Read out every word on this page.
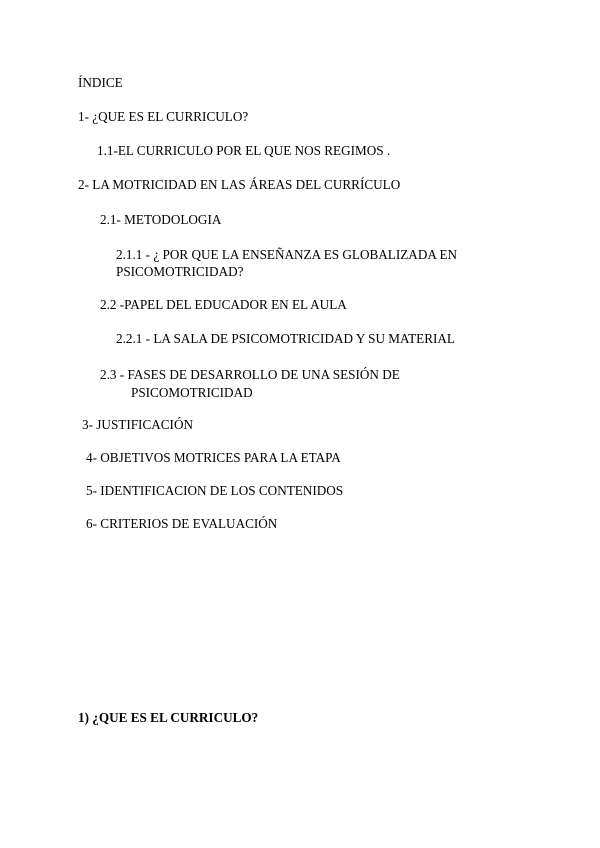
ÍNDICE
1- ¿QUE ES EL CURRICULO?
1.1-EL CURRICULO POR EL QUE NOS REGIMOS .
2- LA MOTRICIDAD EN LAS ÁREAS DEL CURRÍCULO
2.1- METODOLOGIA
2.1.1 - ¿ POR QUE LA ENSEÑANZA ES GLOBALIZADA EN
PSICOMOTRICIDAD?
2.2 -PAPEL DEL EDUCADOR EN EL AULA
2.2.1 - LA SALA DE PSICOMOTRICIDAD Y SU MATERIAL
2.3 - FASES DE DESARROLLO DE UNA SESIÓN DE
PSICOMOTRICIDAD
3- JUSTIFICACIÓN
4- OBJETIVOS MOTRICES PARA LA ETAPA
5- IDENTIFICACION DE LOS CONTENIDOS
6- CRITERIOS DE EVALUACIÓN
1) ¿QUE ES EL CURRICULO?
